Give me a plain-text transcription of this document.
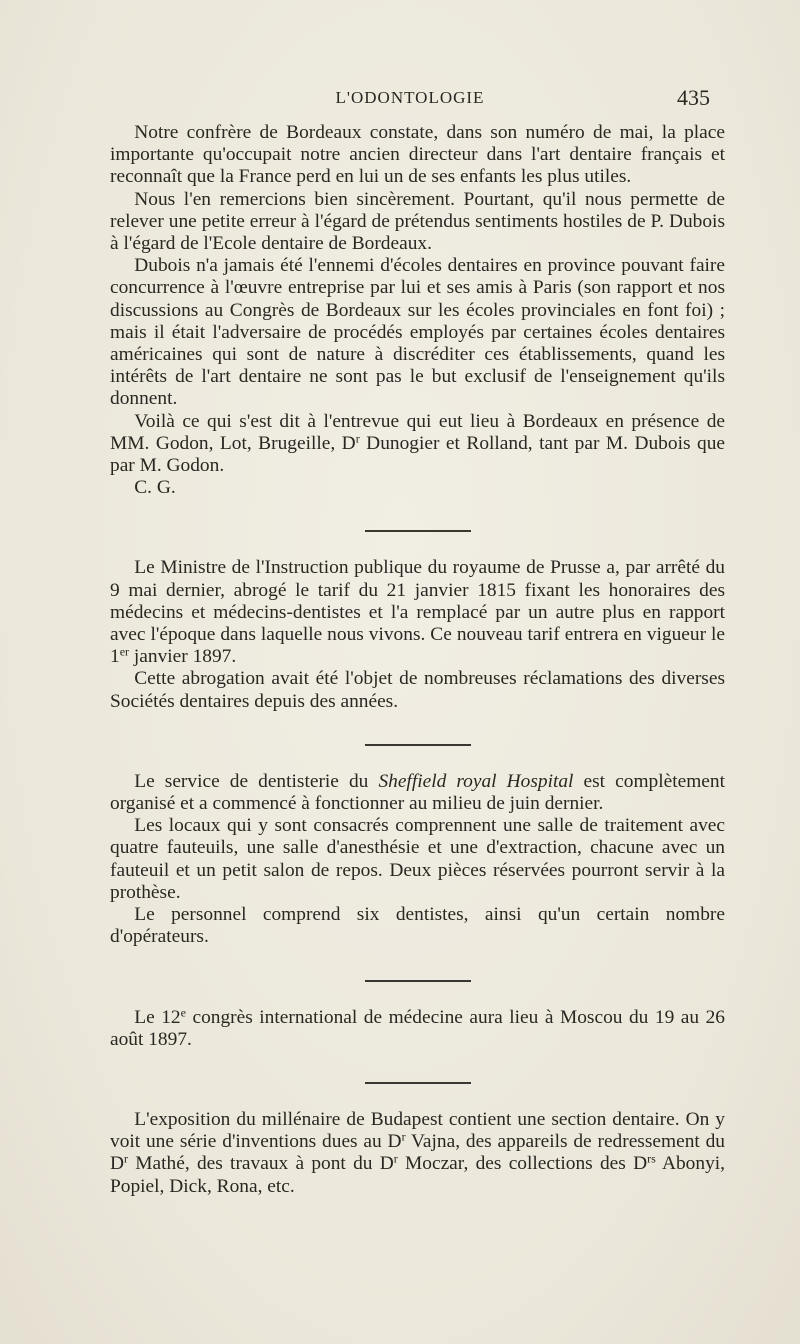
L'ODONTOLOGIE	435

Notre confrère de Bordeaux constate, dans son numéro de mai, la place importante qu'occupait notre ancien directeur dans l'art dentaire français et reconnaît que la France perd en lui un de ses enfants les plus utiles.

Nous l'en remercions bien sincèrement. Pourtant, qu'il nous permette de relever une petite erreur à l'égard de prétendus sentiments hostiles de P. Dubois à l'égard de l'Ecole dentaire de Bordeaux.

Dubois n'a jamais été l'ennemi d'écoles dentaires en province pouvant faire concurrence à l'œuvre entreprise par lui et ses amis à Paris (son rapport et nos discussions au Congrès de Bordeaux sur les écoles provinciales en font foi) ; mais il était l'adversaire de procédés employés par certaines écoles dentaires américaines qui sont de nature à discréditer ces établissements, quand les intérêts de l'art dentaire ne sont pas le but exclusif de l'enseignement qu'ils donnent.

Voilà ce qui s'est dit à l'entrevue qui eut lieu à Bordeaux en présence de MM. Godon, Lot, Brugeille, $D^r$ Dunogier et Rolland, tant par M. Dubois que par M. Godon.

C. G.

Le Ministre de l'Instruction publique du royaume de Prusse a, par arrêté du 9 mai dernier, abrogé le tarif du 21 janvier 1815 fixant les honoraires des médecins et médecins-dentistes et l'a remplacé par un autre plus en rapport avec l'époque dans laquelle nous vivons. Ce nouveau tarif entrera en vigueur le 1er janvier 1897.

Cette abrogation avait été l'objet de nombreuses réclamations des diverses Sociétés dentaires depuis des années.

Le service de dentisterie du Sheffield royal Hospital est complètement organisé et a commencé à fonctionner au milieu de juin dernier.

Les locaux qui y sont consacrés comprennent une salle de traitement avec quatre fauteuils, une salle d'anesthésie et une d'extraction, chacune avec un fauteuil et un petit salon de repos. Deux pièces réservées pourront servir à la prothèse.

Le personnel comprend six dentistes, ainsi qu'un certain nombre d'opérateurs.

Le 12e congrès international de médecine aura lieu à Moscou du 19 au 26 août 1897.

L'exposition du millénaire de Budapest contient une section dentaire. On y voit une série d'inventions dues au $D^r$ Vajna, des appareils de redressement du $D^r$ Mathé, des travaux à pont du $D^r$ Moczar, des collections des $D^{rs}$ Abonyi, Popiel, Dick, Rona, etc.
